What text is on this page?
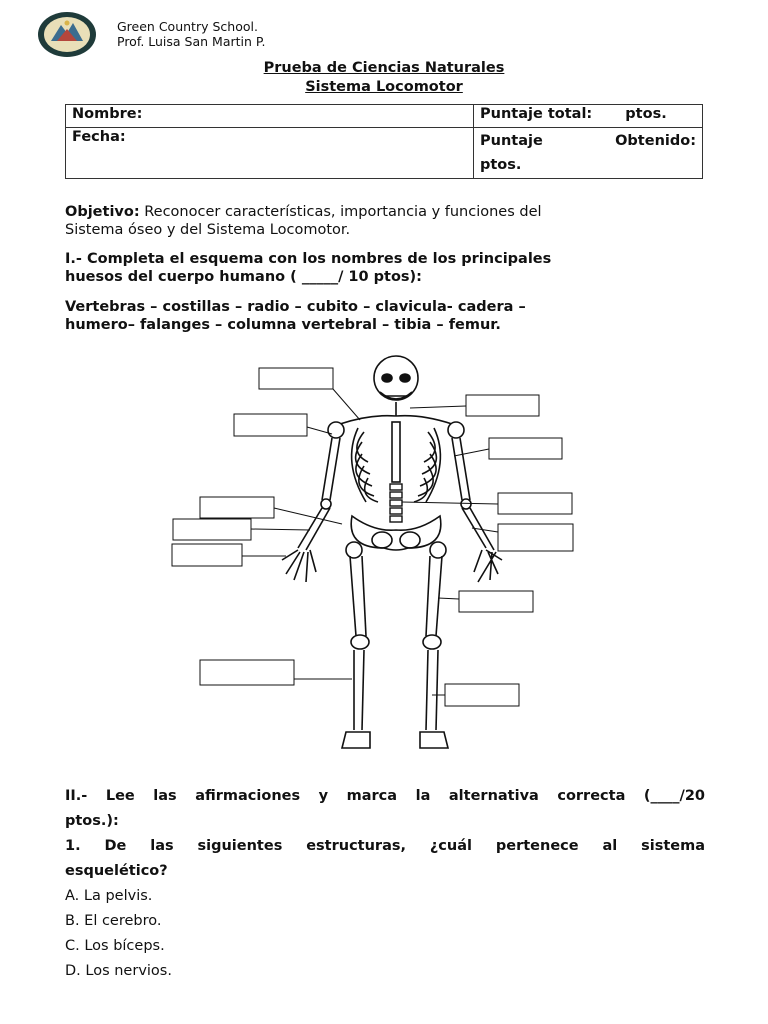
Green Country School.
Prof. Luisa San Martin P.
Prueba de Ciencias Naturales
Sistema Locomotor
Nombre:	Puntaje total: ptos.
Fecha:	Puntaje Obtenido:
ptos.
Objetivo: Reconocer características, importancia y funciones del
Sistema óseo y del Sistema Locomotor.
I.- Completa el esquema con los nombres de los principales
huesos del cuerpo humano ( _____/ 10 ptos):
Vertebras – costillas – radio – cubito – clavicula- cadera –
humero– falanges – columna vertebral – tibia – femur.
II.- Lee las afirmaciones y marca la alternativa correcta (____/20
ptos.):
1. De las siguientes estructuras, ¿cuál pertenece al sistema
esquelético?
A. La pelvis.
B. El cerebro.
C. Los bíceps.
D. Los nervios.
